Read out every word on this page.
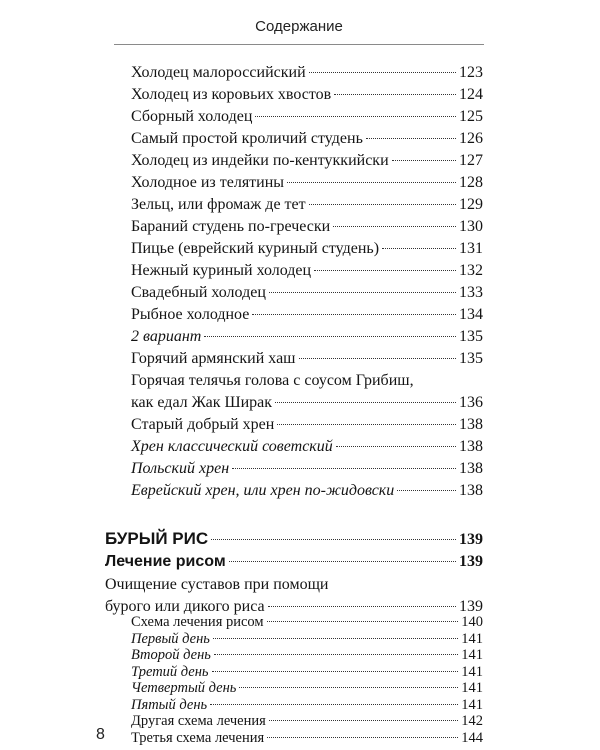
Содержание
Холодец малороссийский	123
Холодец из коровьих хвостов	124
Сборный холодец	125
Самый простой кроличий студень	126
Холодец из индейки по-кентуккийски	127
Холодное из телятины	128
Зельц, или фромаж де тет	129
Бараний студень по-гречески	130
Пицье (еврейский куриный студень)	131
Нежный куриный холодец	132
Свадебный холодец	133
Рыбное холодное	134
2 вариант	135
Горячий армянский хаш	135
Горячая телячья голова с соусом Грибиш,
как едал Жак Ширак	136
Старый добрый хрен	138
Хрен классический советский	138
Польский хрен	138
Еврейский хрен, или хрен по-жидовски	138
БУРЫЙ РИС	139
Лечение рисом	139
Очищение суставов при помощи
бурого или дикого риса	139
Схема лечения рисом	140
Первый день	141
Второй день	141
Третий день	141
Четвертый день	141
Пятый день	141
Другая схема лечения	142
Третья схема лечения	144
8
